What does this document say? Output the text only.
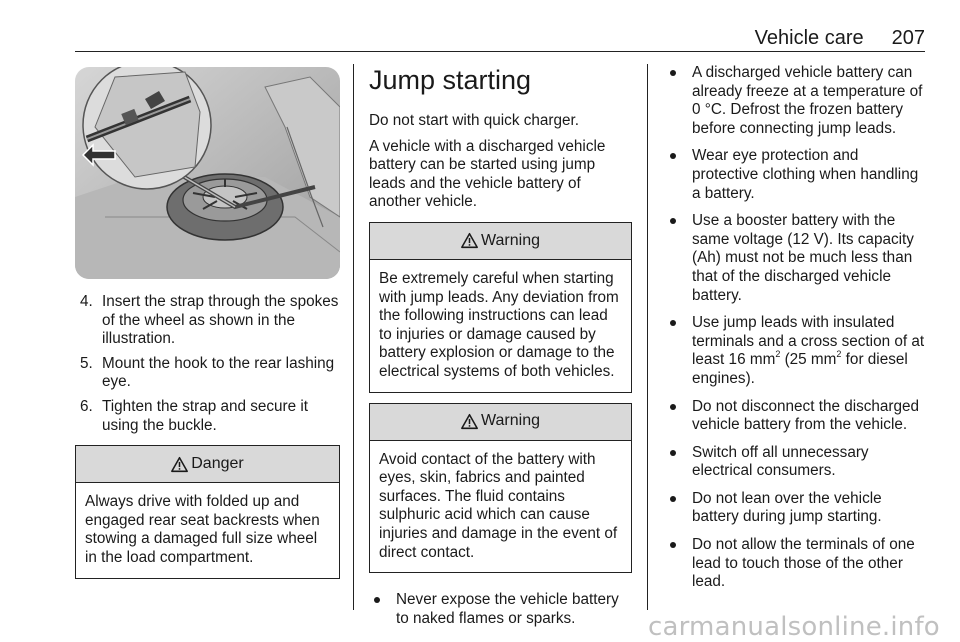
Vehicle care 207
4. Insert the strap through the spokes of the wheel as shown in the illustration.
5. Mount the hook to the rear lashing eye.
6. Tighten the strap and secure it using the buckle.
Danger
Always drive with folded up and engaged rear seat backrests when stowing a damaged full size wheel in the load compartment.
Jump starting

Do not start with quick charger.

A vehicle with a discharged vehicle battery can be started using jump leads and the vehicle battery of another vehicle.

Warning
Be extremely careful when starting with jump leads. Any deviation from the following instructions can lead to injuries or damage caused by battery explosion or damage to the electrical systems of both vehicles.
Warning
Avoid contact of the battery with eyes, skin, fabrics and painted surfaces. The fluid contains sulphuric acid which can cause injuries and damage in the event of direct contact.
Never expose the vehicle battery to naked flames or sparks.
A discharged vehicle battery can already freeze at a temperature of 0 °C. Defrost the frozen battery before connecting jump leads.
Wear eye protection and protective clothing when handling a battery.
Use a booster battery with the same voltage (12 V). Its capacity (Ah) must not be much less than that of the discharged vehicle battery.
Use jump leads with insulated terminals and a cross section of at least 16 $mm^2$ (25 $mm^2$ for diesel engines).
Do not disconnect the discharged vehicle battery from the vehicle.
Switch off all unnecessary electrical consumers.
Do not lean over the vehicle battery during jump starting.
Do not allow the terminals of one lead to touch those of the other lead.
carmanualsonline.info
